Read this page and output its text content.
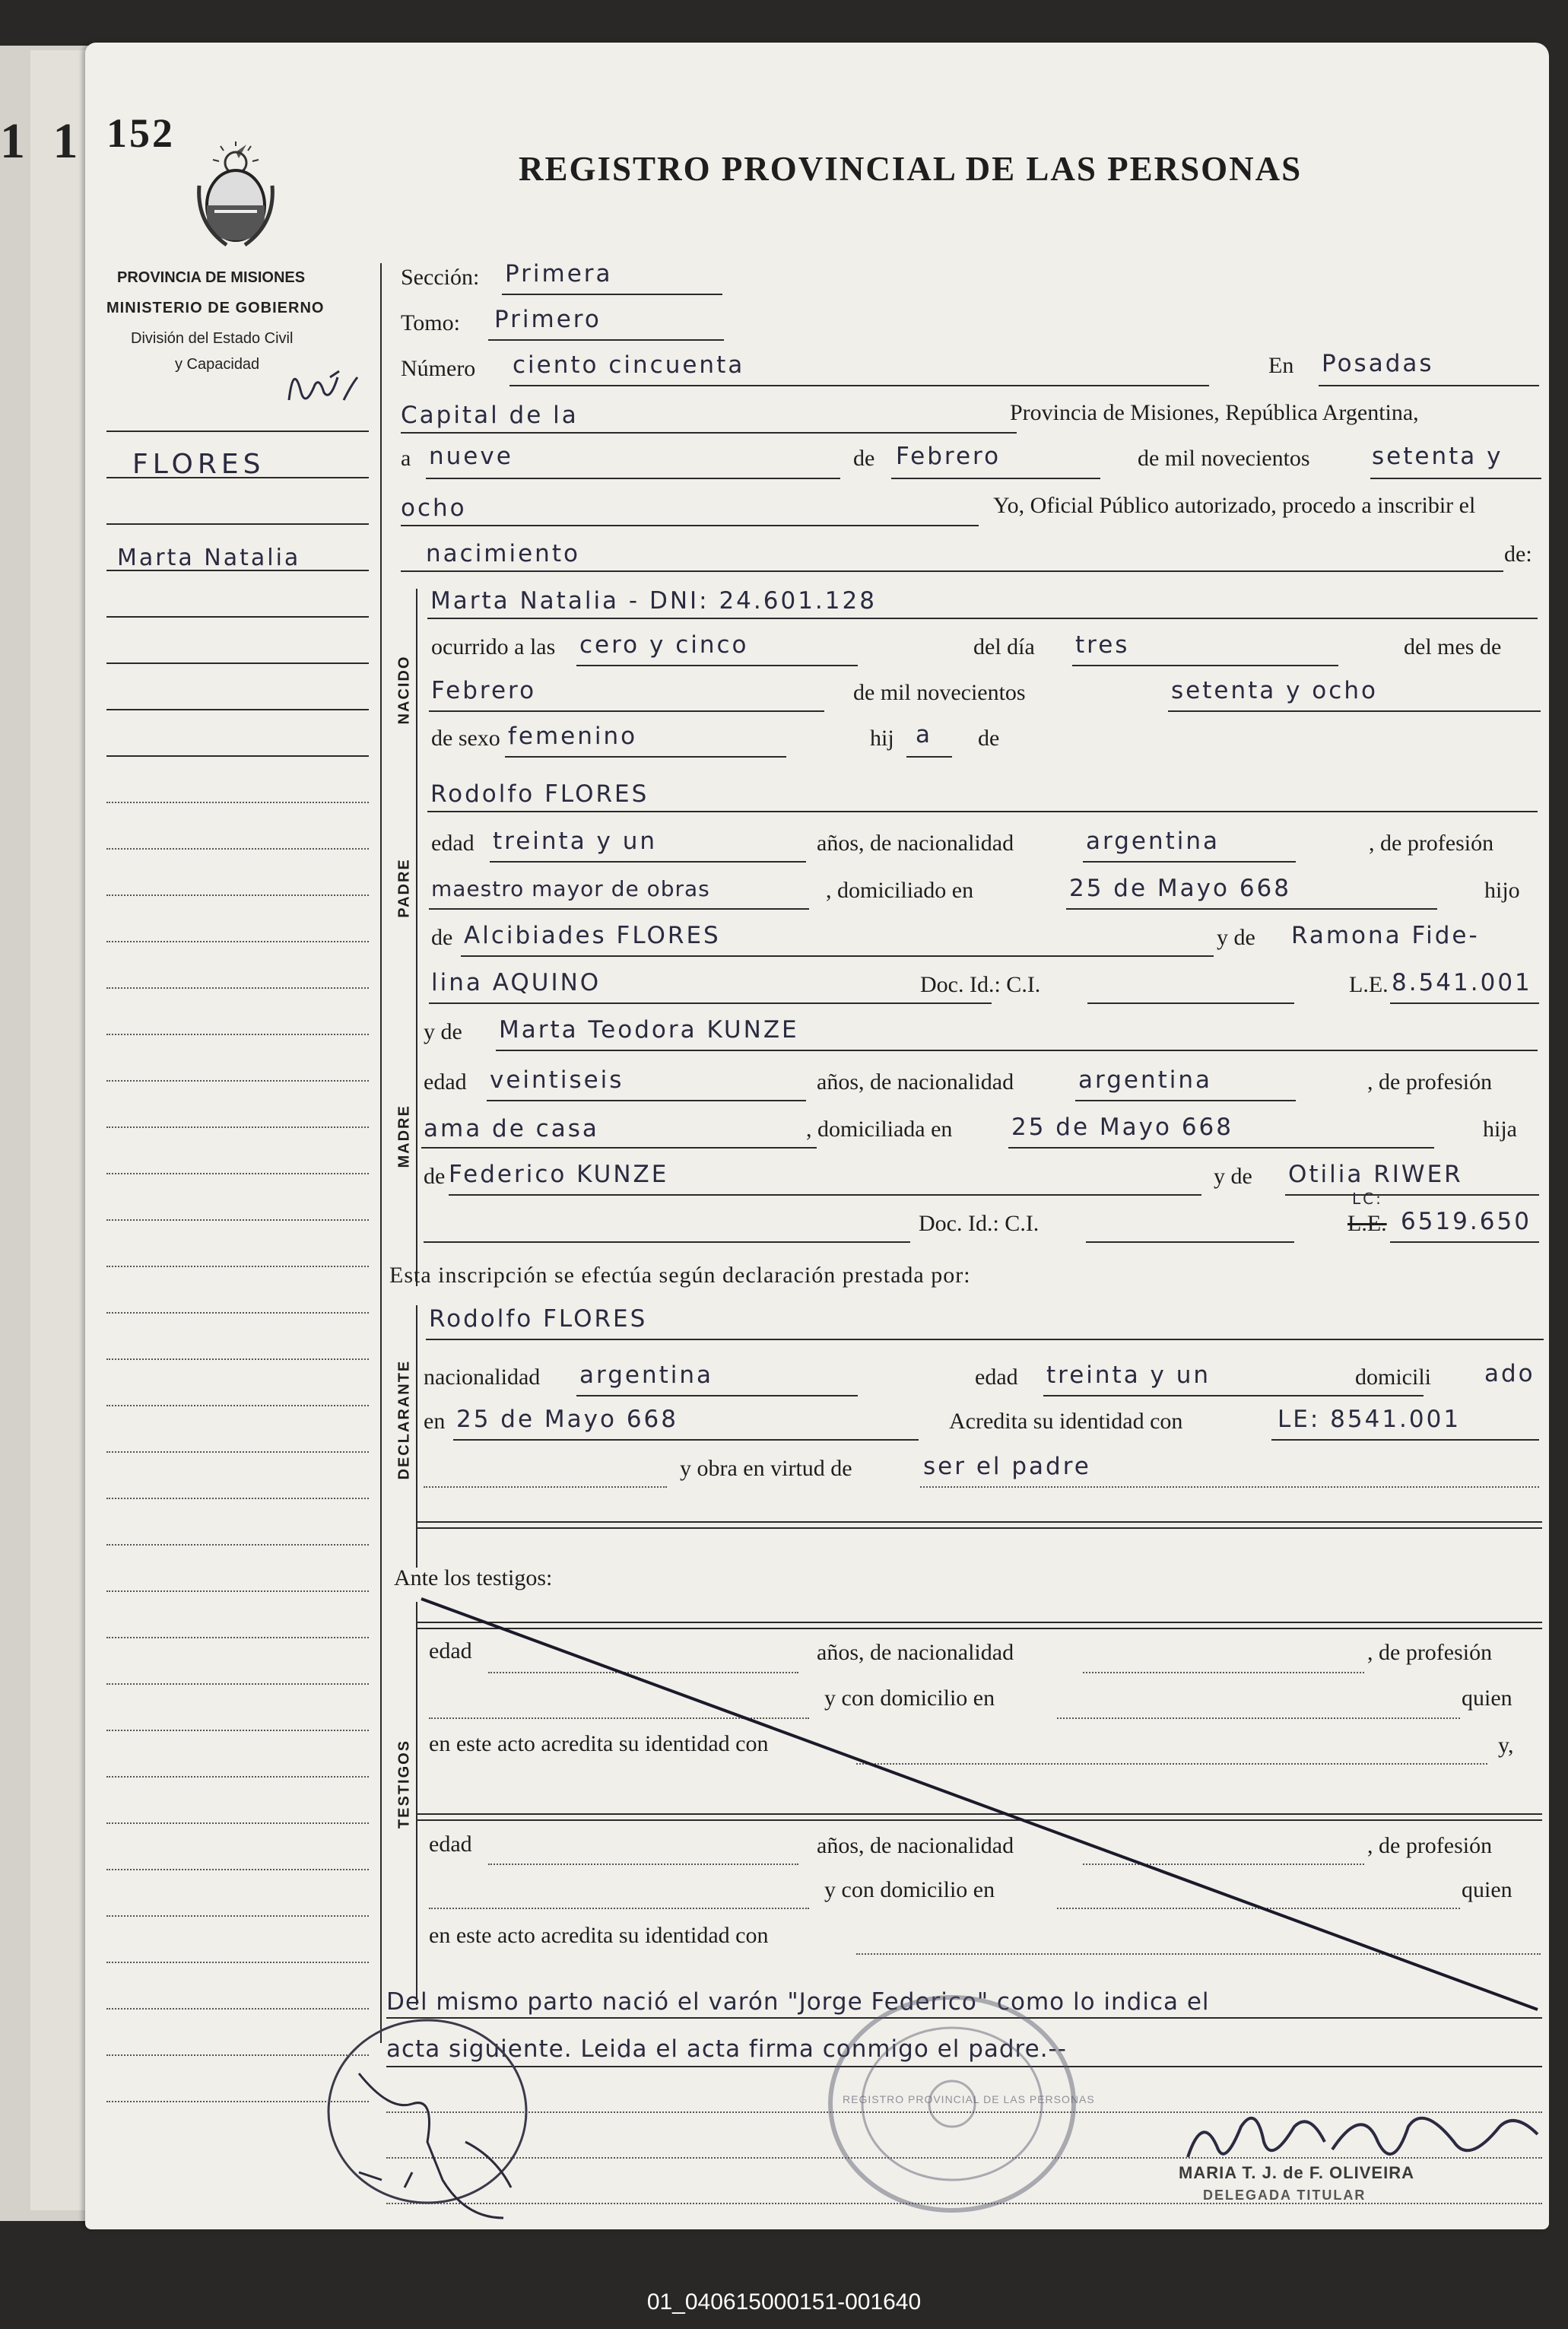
1 1 152
REGISTRO PROVINCIAL DE LAS PERSONAS
PROVINCIA DE MISIONES
MINISTERIO DE GOBIERNO
División del Estado Civil
y Capacidad
FLORES
Marta Natalia
Sección: Primera
Tomo: Primero
Número ciento cincuenta	En Posadas
Capital de la	Provincia de Misiones, República Argentina,
a nueve	de Febrero	de mil novecientos	setenta y
ocho	Yo, Oficial Público autorizado, procedo a inscribir el
nacimiento	de:
NACIDO
Marta Natalia - DNI: 24.601.128
ocurrido a las cero y cinco	del día tres	del mes de
Febrero	de mil novecientos	setenta y ocho
de sexo femenino	hij a de
PADRE
Rodolfo FLORES
edad treinta y un	años, de nacionalidad	argentina	, de profesión
maestro mayor de obras	, domiciliado en	25 de Mayo 668	hijo
de Alcibiades FLORES	y de Ramona Fide-
lina AQUINO	Doc. Id.: C.I.	L.E. 8.541.001
MADRE
y de Marta Teodora KUNZE
edad veintiseis	años, de nacionalidad	argentina	, de profesión
ama de casa	, domiciliada en	25 de Mayo 668	hija
de Federico KUNZE	y de Otilia RIWER
Doc. Id.: C.I.
LC:
L.E. 6519.650
Esta inscripción se efectúa según declaración prestada por:
DECLARANTE
Rodolfo FLORES
nacionalidad argentina	edad treinta y un	domicili ado
en 25 de Mayo 668	Acredita su identidad con	LE: 8541.001
y obra en virtud de	ser el padre
Ante los testigos:
TESTIGOS
edad	años, de nacionalidad	, de profesión
y con domicilio en	quien
en este acto acredita su identidad con	y,
edad	años, de nacionalidad	, de profesión
y con domicilio en	quien
en este acto acredita su identidad con
Del mismo parto nació el varón "Jorge Federico" como lo indica el
acta siguiente. Leida el acta firma conmigo el padre.--
REGISTRO PROVINCIAL DE LAS PERSONAS
MARIA T. J. de F. OLIVEIRA
DELEGADA TITULAR
01_040615000151-001640
